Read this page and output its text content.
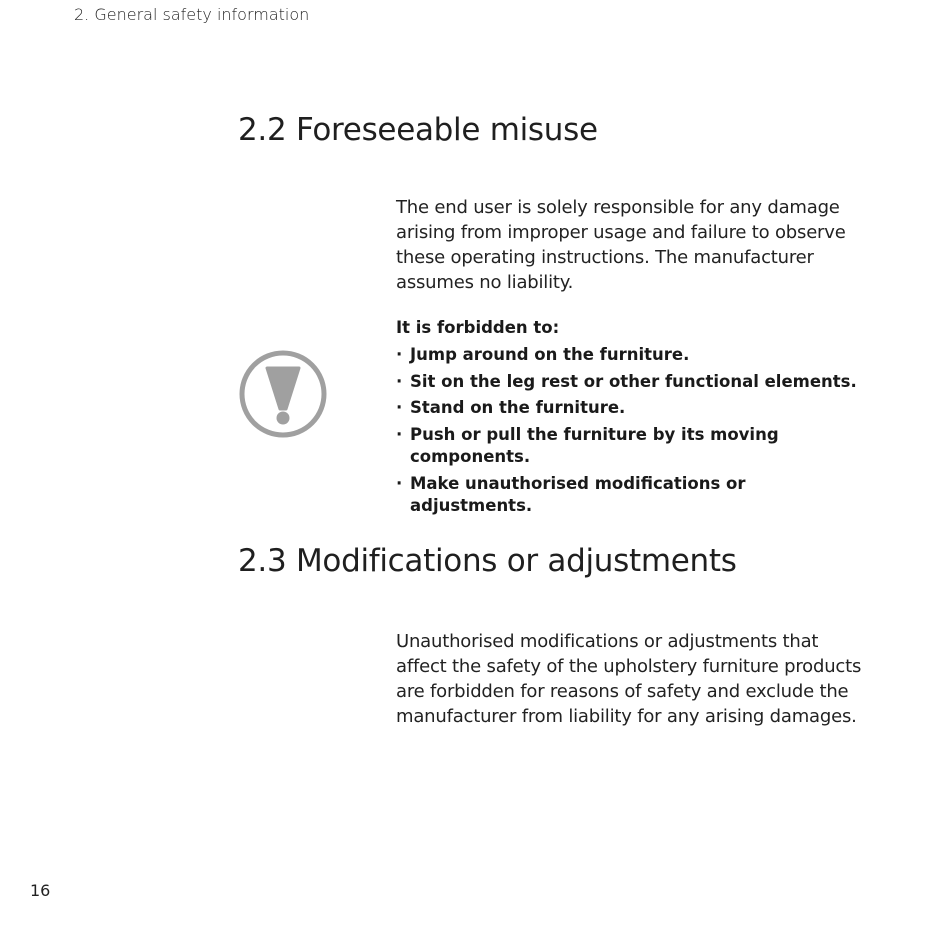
2. General safety information
2.2 Foreseeable misuse

The end user is solely responsible for any damage arising from improper usage and failure to observe these operating instructions. The manufacturer assumes no liability.

It is forbidden to:
· Jump around on the furniture.
· Sit on the leg rest or other functional elements.
· Stand on the furniture.
· Push or pull the furniture by its moving components.
· Make unauthorised modifications or adjustments.
2.3 Modifications or adjustments

Unauthorised modifications or adjustments that affect the safety of the upholstery furniture products are forbidden for reasons of safety and exclude the manufacturer from liability for any arising damages.

16
